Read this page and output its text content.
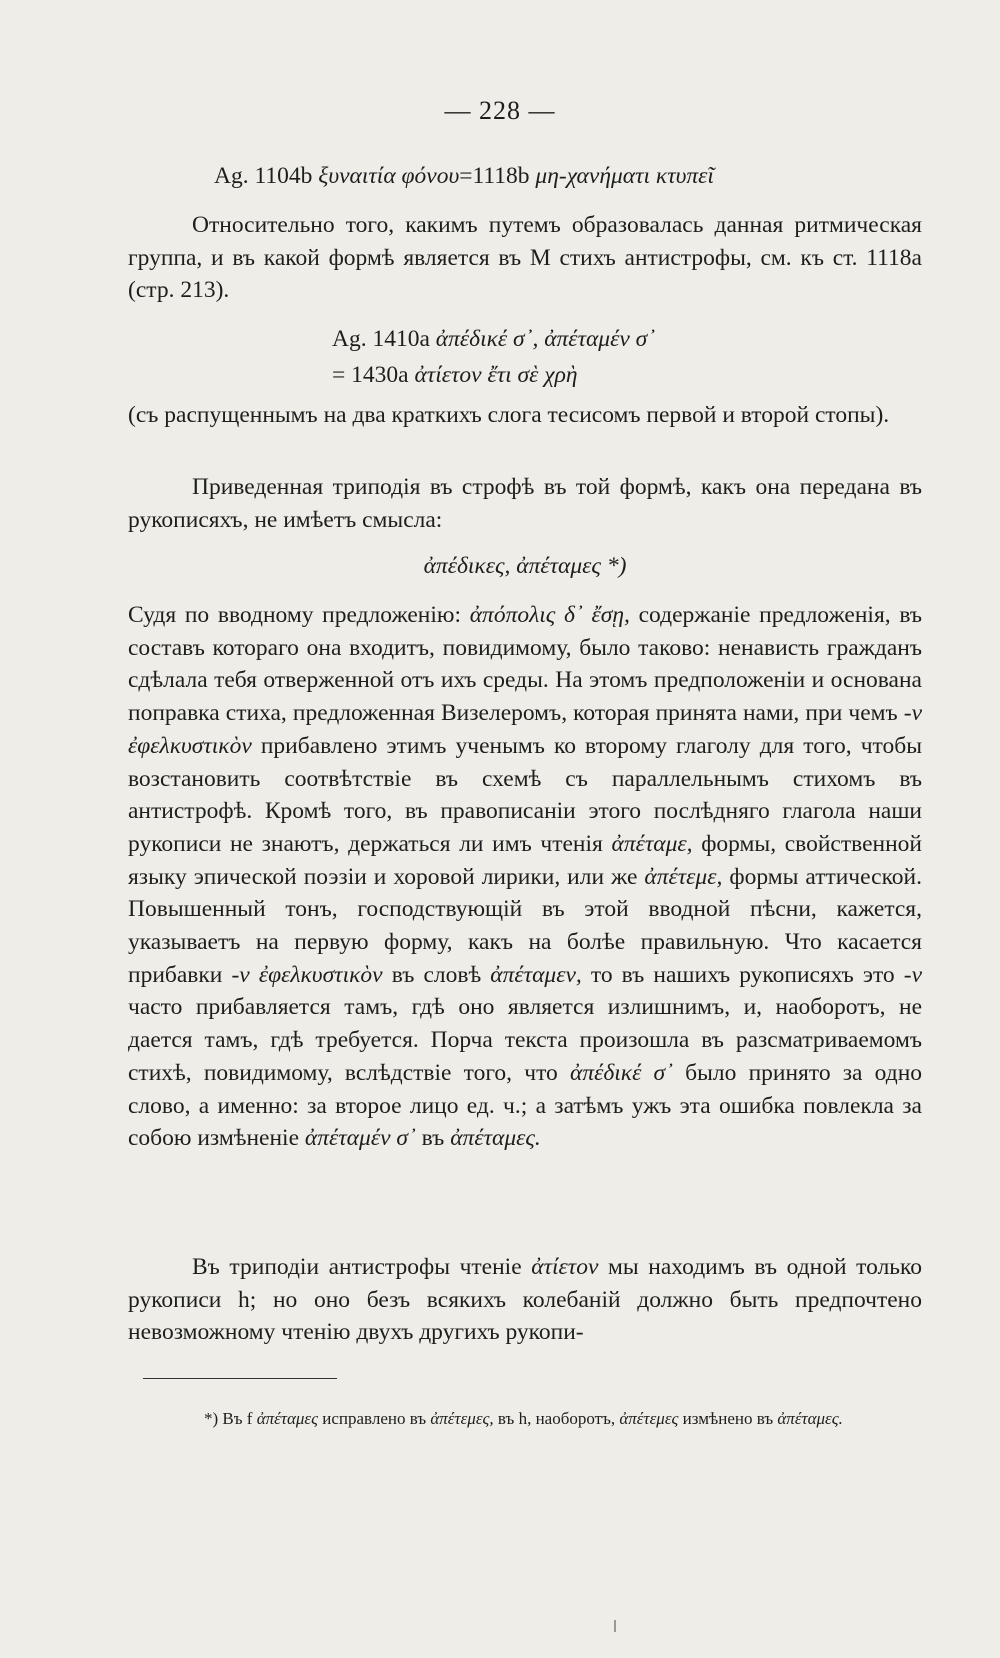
— 228 —
Ag. 1104b ξυναιτία φόνου=1118b μη-χανήματι κτυπεῖ
Относительно того, какимъ путемъ образовалась данная ритмическая группа, и въ какой формѣ является въ М стихъ антистрофы, см. къ ст. 1118a (стр. 213).
Ag. 1410a ἀπέδικέ σ᾽, ἀπέταμέν σ᾽
= 1430a ἀτίετον ἔτι σὲ χρὴ
(съ распущеннымъ на два краткихъ слога тесисомъ первой и второй стопы).
Приведенная триподія въ строфѣ въ той формѣ, какъ она передана въ рукописяхъ, не имѣетъ смысла:
ἀπέδικες, ἀπέταμες *)
Судя по вводному предложенію: ἀπόπολις δ᾽ ἔσῃ, содержаніе предложенія, въ составъ котораго она входитъ, повидимому, было таково: ненависть гражданъ сдѣлала тебя отверженной отъ ихъ среды. На этомъ предположеніи и основана поправка стиха, предложенная Визелеромъ, которая принята нами, при чемъ -ν ἐφελκυστικὸν прибавлено этимъ ученымъ ко второму глаголу для того, чтобы возстановить соотвѣтствіе въ схемѣ съ параллельнымъ стихомъ въ антистрофѣ. Кромѣ того, въ правописаніи этого послѣдняго глагола наши рукописи не знаютъ, держаться ли имъ чтенія ἀπέταμε, формы, свойственной языку эпической поэзіи и хоровой лирики, или же ἀπέτεμε, формы аттической. Повышенный тонъ, господствующій въ этой вводной пѣсни, кажется, указываетъ на первую форму, какъ на болѣе правильную. Что касается прибавки -ν ἐφελκυστικὸν въ словѣ ἀπέταμεν, то въ нашихъ рукописяхъ это -ν часто прибавляется тамъ, гдѣ оно является излишнимъ, и, наоборотъ, не дается тамъ, гдѣ требуется. Порча текста произошла въ разсматриваемомъ стихѣ, повидимому, вслѣдствіе того, что ἀπέδικέ σ᾽ было принято за одно слово, а именно: за второе лицо ед. ч.; а затѣмъ ужъ эта ошибка повлекла за собою измѣненіе ἀπέταμέν σ᾽ въ ἀπέταμες.
Въ триподіи антистрофы чтеніе ἀτίετον мы находимъ въ одной только рукописи h; но оно безъ всякихъ колебаній должно быть предпочтено невозможному чтенію двухъ другихъ рукопи-
*) Въ f ἀπέταμες исправлено въ ἀπέτεμες, въ h, наоборотъ, ἀπέτεμες измѣнено въ ἀπέταμες.
